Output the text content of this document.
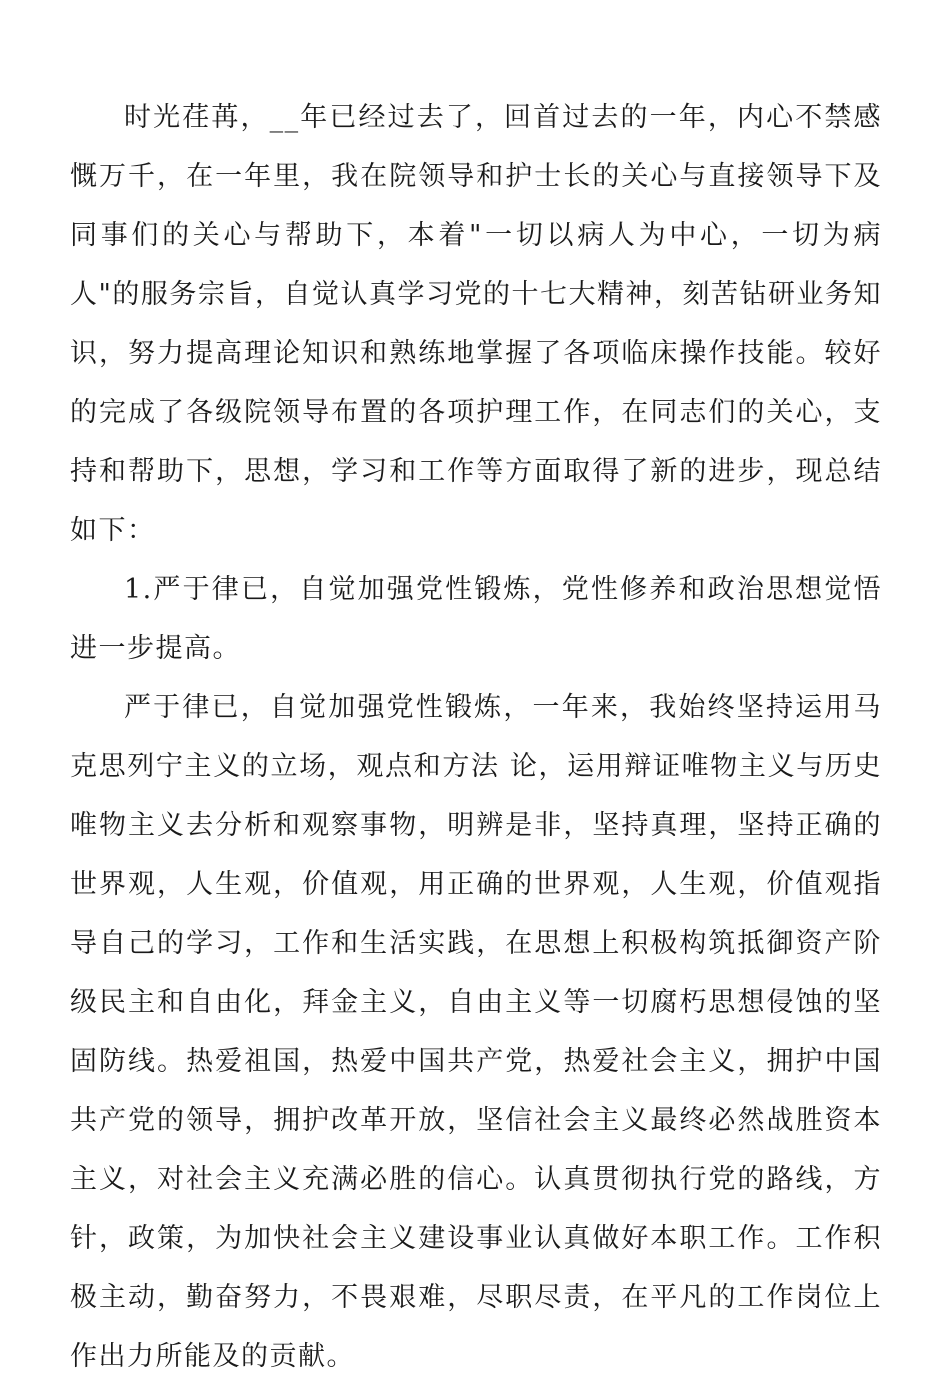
时光荏苒，__年已经过去了，回首过去的一年，内心不禁感慨万千，在一年里，我在院领导和护士长的关心与直接领导下及同事们的关心与帮助下，本着"一切以病人为中心，一切为病人"的服务宗旨，自觉认真学习党的十七大精神，刻苦钻研业务知识，努力提高理论知识和熟练地掌握了各项临床操作技能。较好的完成了各级院领导布置的各项护理工作，在同志们的关心，支持和帮助下，思想，学习和工作等方面取得了新的进步，现总结如下：

1.严于律已，自觉加强党性锻炼，党性修养和政治思想觉悟进一步提高。

严于律已，自觉加强党性锻炼，一年来，我始终坚持运用马克思列宁主义的立场，观点和方法 论，运用辩证唯物主义与历史唯物主义去分析和观察事物，明辨是非，坚持真理，坚持正确的世界观，人生观，价值观，用正确的世界观，人生观，价值观指导自己的学习，工作和生活实践，在思想上积极构筑抵御资产阶级民主和自由化，拜金主义，自由主义等一切腐朽思想侵蚀的坚固防线。热爱祖国，热爱中国共产党，热爱社会主义，拥护中国共产党的领导，拥护改革开放，坚信社会主义最终必然战胜资本主义，对社会主义充满必胜的信心。认真贯彻执行党的路线，方针，政策，为加快社会主义建设事业认真做好本职工作。工作积极主动，勤奋努力，不畏艰难，尽职尽责，在平凡的工作岗位上作出力所能及的贡献。
